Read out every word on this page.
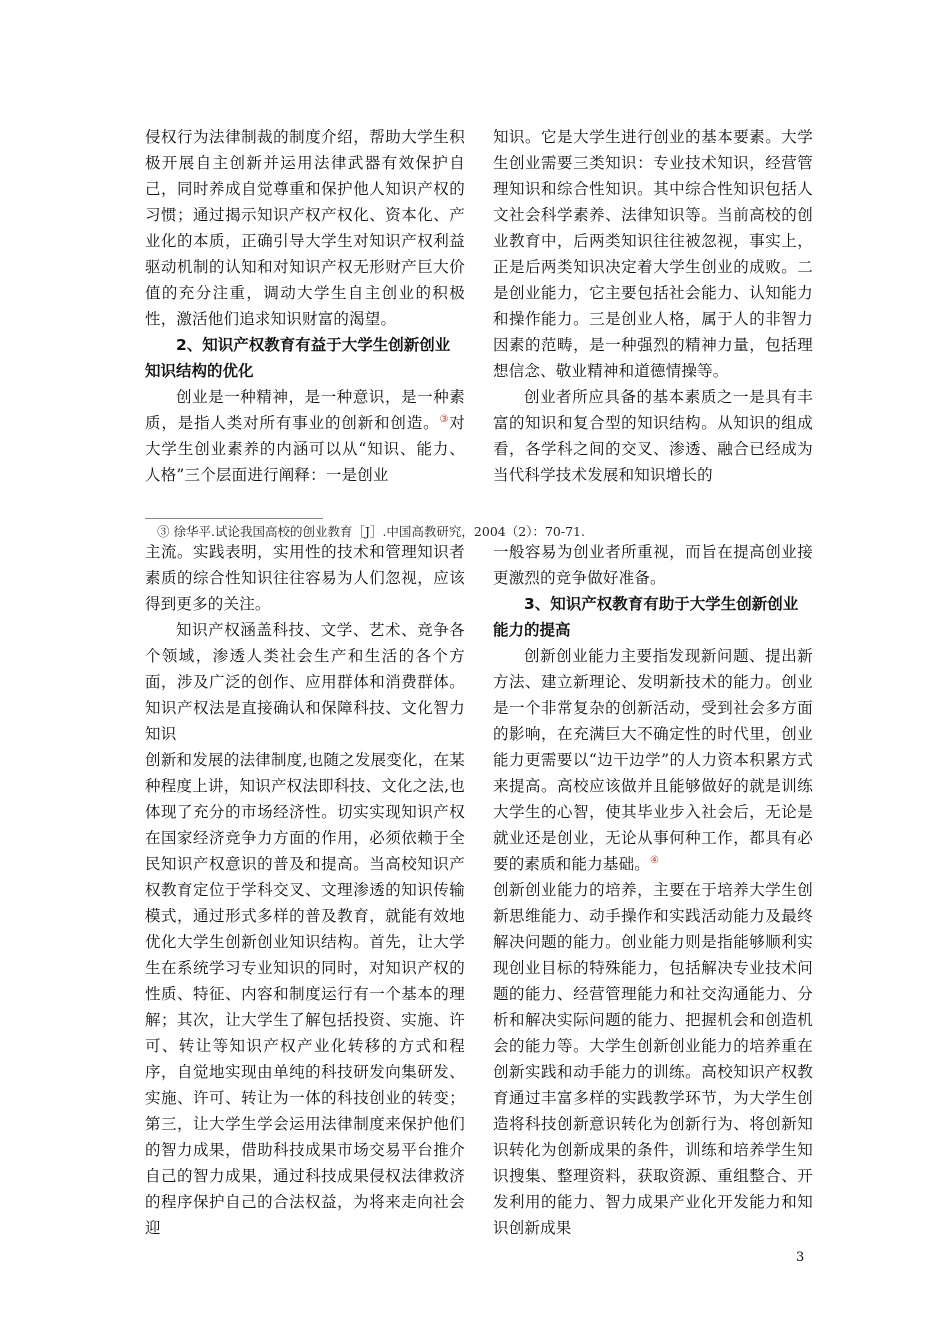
侵权行为法律制裁的制度介绍，帮助大学生积极开展自主创新并运用法律武器有效保护自己，同时养成自觉尊重和保护他人知识产权的习惯；通过揭示知识产权产权化、资本化、产业化的本质，正确引导大学生对知识产权利益驱动机制的认知和对知识产权无形财产巨大价值的充分注重，调动大学生自主创业的积极性，激活他们追求知识财富的渴望。

2、知识产权教育有益于大学生创新创业知识结构的优化

创业是一种精神，是一种意识，是一种素质，是指人类对所有事业的创新和创造。③对大学生创业素养的内涵可以从“知识、能力、人格”三个层面进行阐释：一是创业

知识。它是大学生进行创业的基本要素。大学生创业需要三类知识：专业技术知识，经营管理知识和综合性知识。其中综合性知识包括人文社会科学素养、法律知识等。当前高校的创业教育中，后两类知识往往被忽视，事实上，正是后两类知识决定着大学生创业的成败。二是创业能力，它主要包括社会能力、认知能力和操作能力。三是创业人格，属于人的非智力因素的范畴，是一种强烈的精神力量，包括理想信念、敬业精神和道德情操等。

创业者所应具备的基本素质之一是具有丰富的知识和复合型的知识结构。从知识的组成看，各学科之间的交叉、渗透、融合已经成为当代科学技术发展和知识增长的

③ 徐华平.试论我国高校的创业教育［J］.中国高教研究，2004（2）：70-71.

主流。实践表明，实用性的技术和管理知识者素质的综合性知识往往容易为人们忽视，应该得到更多的关注。

知识产权涵盖科技、文学、艺术、竞争各个领域，渗透人类社会生产和生活的各个方面，涉及广泛的创作、应用群体和消费群体。知识产权法是直接确认和保障科技、文化智力知识

创新和发展的法律制度,也随之发展变化，在某种程度上讲，知识产权法即科技、文化之法,也体现了充分的市场经济性。切实实现知识产权在国家经济竞争力方面的作用，必须依赖于全民知识产权意识的普及和提高。当高校知识产权教育定位于学科交叉、文理渗透的知识传输模式，通过形式多样的普及教育，就能有效地优化大学生创新创业知识结构。首先，让大学生在系统学习专业知识的同时，对知识产权的性质、特征、内容和制度运行有一个基本的理解；其次，让大学生了解包括投资、实施、许可、转让等知识产权产业化转移的方式和程序，自觉地实现由单纯的科技研发向集研发、实施、许可、转让为一体的科技创业的转变；第三，让大学生学会运用法律制度来保护他们的智力成果，借助科技成果市场交易平台推介自己的智力成果，通过科技成果侵权法律救济的程序保护自己的合法权益，为将来走向社会迎

一般容易为创业者所重视，而旨在提高创业接更激烈的竞争做好准备。

3、知识产权教育有助于大学生创新创业能力的提高

创新创业能力主要指发现新问题、提出新方法、建立新理论、发明新技术的能力。创业是一个非常复杂的创新活动，受到社会多方面的影响，在充满巨大不确定性的时代里，创业能力更需要以“边干边学”的人力资本积累方式来提高。高校应该做并且能够做好的就是训练大学生的心智，使其毕业步入社会后，无论是就业还是创业，无论从事何种工作，都具有必要的素质和能力基础。④

创新创业能力的培养，主要在于培养大学生创新思维能力、动手操作和实践活动能力及最终解决问题的能力。创业能力则是指能够顺利实现创业目标的特殊能力，包括解决专业技术问题的能力、经营管理能力和社交沟通能力、分析和解决实际问题的能力、把握机会和创造机会的能力等。大学生创新创业能力的培养重在创新实践和动手能力的训练。高校知识产权教育通过丰富多样的实践教学环节，为大学生创造将科技创新意识转化为创新行为、将创新知识转化为创新成果的条件，训练和培养学生知识搜集、整理资料，获取资源、重组整合、开发利用的能力、智力成果产业化开发能力和知识创新成果

3
